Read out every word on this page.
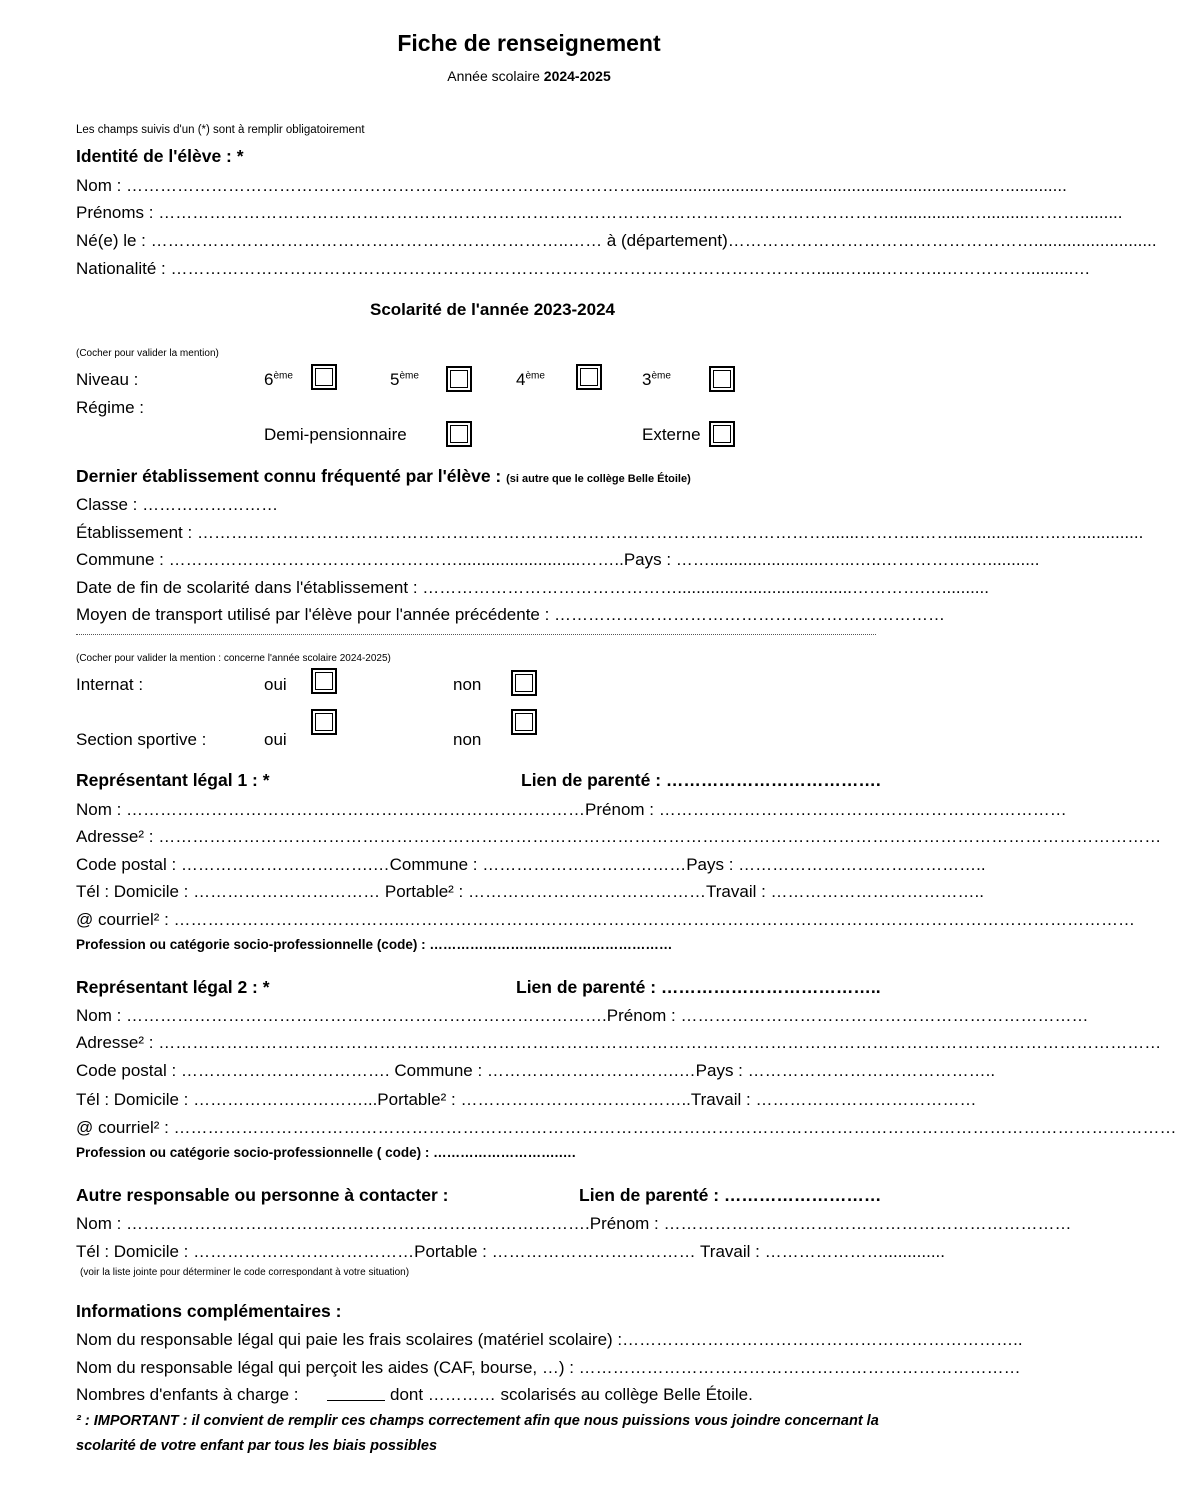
Fiche de renseignement
Année scolaire 2024-2025
Les champs suivis d'un (*) sont à remplir obligatoirement
Identité de l'élève : *
Nom : ………………………………………………………………………………...........................…............................................….............
Prénoms : …………………………………………………………………………………………………………………................…..........……….........
Né(e) le : ………………………………………………………………..…… à (département)………………………………………………..........................
Nationalité : ……………………………………………………………………………………………………......…....………..……………..........…
Scolarité de l'année 2023-2024
(Cocher pour valider la mention)
Niveau :	6ème	5ème	4ème	3ème
Régime :
Demi-pensionnaire	Externe
Dernier établissement connu fréquenté par l'élève : (si autre que le collège Belle Étoile)
Classe : ……………………
Établissement : ………………………………………………………………………………………………….......………..…….................…..…..............
Commune : ……………………………………………..........................……..Pays : ……........................…...…..…………….…...........
Date de fin de scolarité dans l'établissement : ……………………………………….....................................………….…..........
Moyen de transport utilisé par l'élève pour l'année précédente : ……………………………………………………………
(Cocher pour valider la mention : concerne l'année scolaire 2024-2025)
Internat :	oui	non
Section sportive :	oui	non
Représentant légal 1 : *	Lien de parenté : ……………………………….
Nom : ………………………………………………………………………Prénom : ………………………………………………………………
Adresse² : ……………………………………………………………………………………………………………………………………………………………
Code postal : …………………………….…Commune : ………………………………Pays : ……………………………………..
Tél : Domicile : …………………………… Portable² : ……………………………………Travail : ………………………………..
@ courriel² : …………………………………..…………………………………………………………………………………………………………………
Profession ou catégorie socio-professionnelle (code) : ………………………………………………
Représentant légal 2 : *	Lien de parenté : ………………………………..
Nom : ………………………………………………………………………….Prénom : ………………………………………………………………
Adresse² : ……………………………………………………………………………………………………………………………………………………………
Code postal : ………………………………. Commune : …………………………….…Pays : ……………………………………..
Tél : Domicile : …………………………...Portable² : …………………………………..Travail : …………………………………
@ courriel² : ……………………………………………………………………………………………………………………………………………………………
Profession ou catégorie socio-professionnelle ( code) : ……………………….….
Autre responsable ou personne à contacter :	Lien de parenté : ………………………
Nom : ……………………………………………………………………….Prénom : ………………………………………………………………
Tél : Domicile : …………………………………Portable : ……………………………… Travail : ………………….............
(voir la liste jointe pour déterminer le code correspondant à votre situation)
Informations complémentaires :
Nom du responsable légal qui paie les frais scolaires (matériel scolaire) :……………………………………………………………..
Nom du responsable légal qui perçoit les aides (CAF, bourse, …) : ……………………………………………………………………
Nombres d'enfants à charge :	dont ………… scolarisés au collège Belle Étoile.
² : IMPORTANT : il convient de remplir ces champs correctement afin que nous puissions vous joindre concernant la
scolarité de votre enfant par tous les biais possibles
